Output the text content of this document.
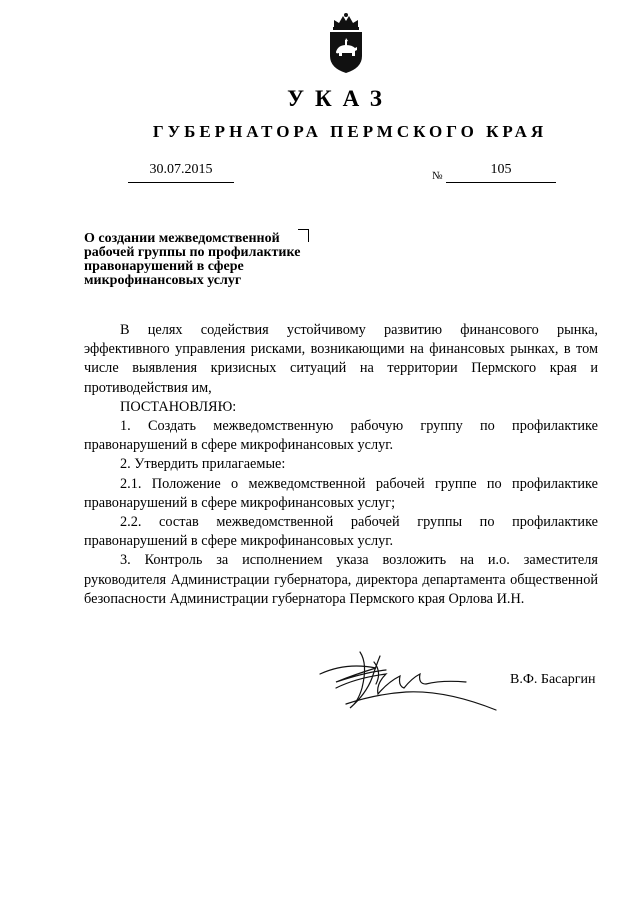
УКАЗ
ГУБЕРНАТОРА ПЕРМСКОГО КРАЯ
30.07.2015	№	105
О создании межведомственной рабочей группы по профилактике правонарушений в сфере микрофинансовых услуг

В целях содействия устойчивому развитию финансового рынка, эффективного управления рисками, возникающими на финансовых рынках, в том числе выявления кризисных ситуаций на территории Пермского края и противодействия им,

ПОСТАНОВЛЯЮ:

1. Создать межведомственную рабочую группу по профилактике правонарушений в сфере микрофинансовых услуг.

2. Утвердить прилагаемые:

2.1. Положение о межведомственной рабочей группе по профилактике правонарушений в сфере микрофинансовых услуг;

2.2. состав межведомственной рабочей группы по профилактике правонарушений в сфере микрофинансовых услуг.

3. Контроль за исполнением указа возложить на и.о. заместителя руководителя Администрации губернатора, директора департамента общественной безопасности Администрации губернатора Пермского края Орлова И.Н.

В.Ф. Басаргин
